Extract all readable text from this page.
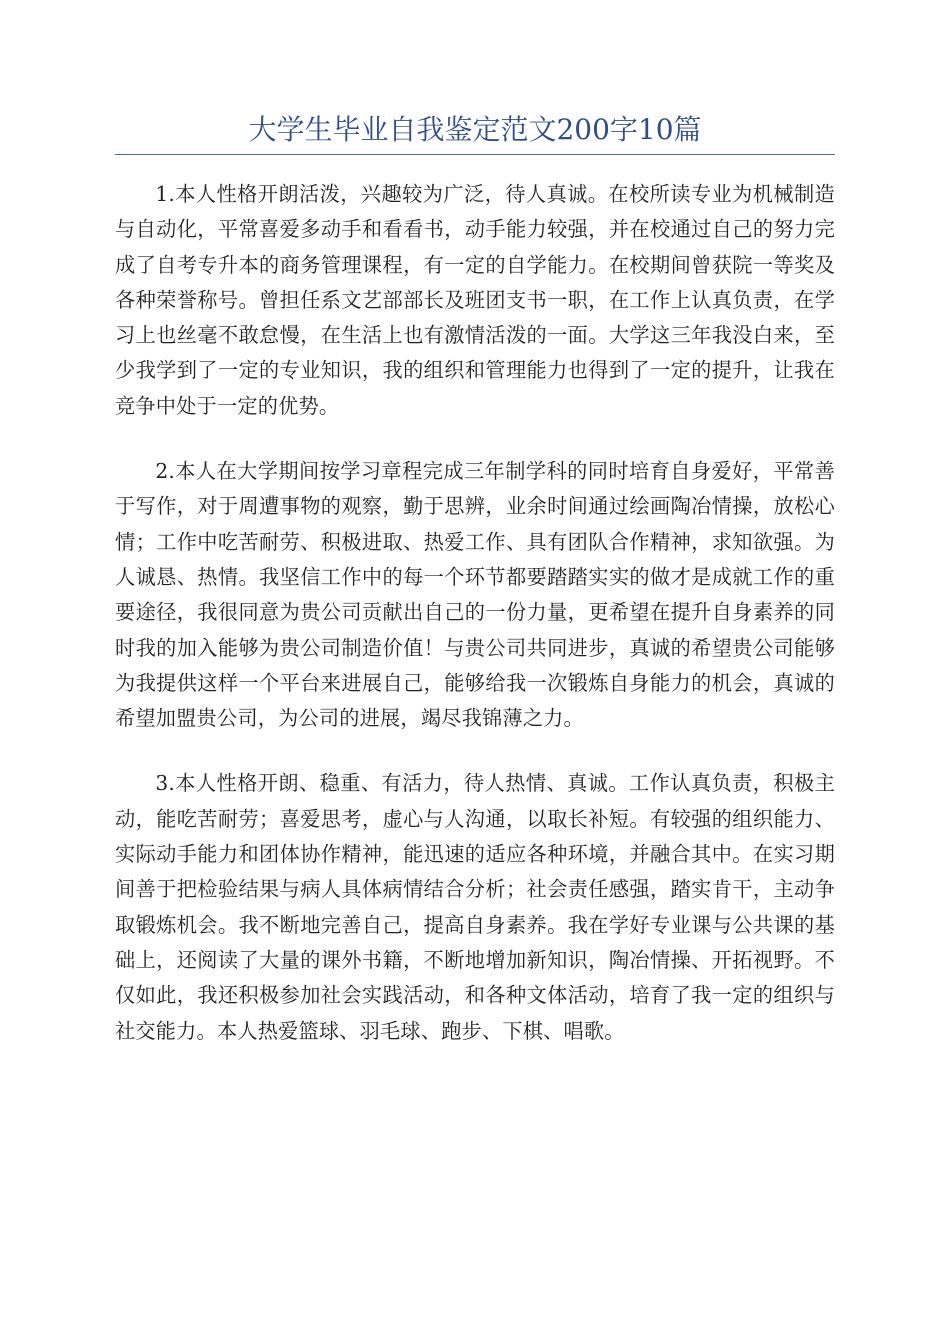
大学生毕业自我鉴定范文200字10篇

1.本人性格开朗活泼，兴趣较为广泛，待人真诚。在校所读专业为机械制造与自动化，平常喜爱多动手和看看书，动手能力较强，并在校通过自己的努力完成了自考专升本的商务管理课程，有一定的自学能力。在校期间曾获院一等奖及各种荣誉称号。曾担任系文艺部部长及班团支书一职，在工作上认真负责，在学习上也丝毫不敢怠慢，在生活上也有激情活泼的一面。大学这三年我没白来，至少我学到了一定的专业知识，我的组织和管理能力也得到了一定的提升，让我在竞争中处于一定的优势。

2.本人在大学期间按学习章程完成三年制学科的同时培育自身爱好，平常善于写作，对于周遭事物的观察，勤于思辨，业余时间通过绘画陶冶情操，放松心情；工作中吃苦耐劳、积极进取、热爱工作、具有团队合作精神，求知欲强。为人诚恳、热情。我坚信工作中的每一个环节都要踏踏实实的做才是成就工作的重要途径，我很同意为贵公司贡献出自己的一份力量，更希望在提升自身素养的同时我的加入能够为贵公司制造价值！与贵公司共同进步，真诚的希望贵公司能够为我提供这样一个平台来进展自己，能够给我一次锻炼自身能力的机会，真诚的希望加盟贵公司，为公司的进展，竭尽我锦薄之力。

3.本人性格开朗、稳重、有活力，待人热情、真诚。工作认真负责，积极主动，能吃苦耐劳；喜爱思考，虚心与人沟通，以取长补短。有较强的组织能力、实际动手能力和团体协作精神，能迅速的适应各种环境，并融合其中。在实习期间善于把检验结果与病人具体病情结合分析；社会责任感强，踏实肯干，主动争取锻炼机会。我不断地完善自己，提高自身素养。我在学好专业课与公共课的基础上，还阅读了大量的课外书籍，不断地增加新知识，陶冶情操、开拓视野。不仅如此，我还积极参加社会实践活动，和各种文体活动，培育了我一定的组织与社交能力。本人热爱篮球、羽毛球、跑步、下棋、唱歌。
